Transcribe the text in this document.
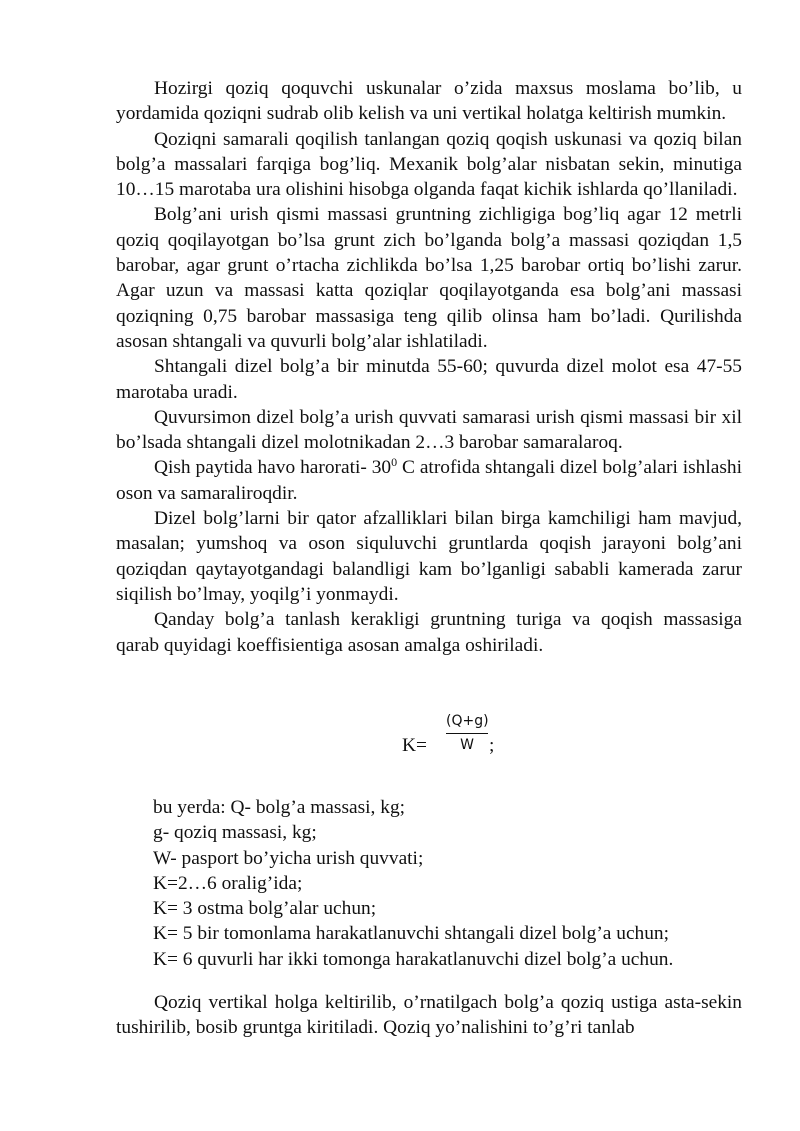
Hozirgi qoziq qoquvchi uskunalar o’zida maxsus moslama bo’lib, u yordamida qoziqni sudrab olib kelish va uni vertikal holatga keltirish mumkin.

Qoziqni samarali qoqilish tanlangan qoziq qoqish uskunasi va qoziq bilan bolg’a massalari farqiga bog’liq. Mexanik bolg’alar nisbatan sekin, minutiga 10…15 marotaba ura olishini hisobga olganda faqat kichik ishlarda qo’llaniladi.

Bolg’ani urish qismi massasi gruntning zichligiga bog’liq agar 12 metrli qoziq qoqilayotgan bo’lsa grunt zich bo’lganda bolg’a massasi qoziqdan 1,5 barobar, agar grunt o’rtacha zichlikda bo’lsa 1,25 barobar ortiq bo’lishi zarur. Agar uzun va massasi katta qoziqlar qoqilayotganda esa bolg’ani massasi qoziqning 0,75 barobar massasiga teng qilib olinsa ham bo’ladi. Qurilishda asosan shtangali va quvurli bolg’alar ishlatiladi.

Shtangali dizel bolg’a bir minutda 55-60; quvurda dizel molot esa 47-55 marotaba uradi.

Quvursimon dizel bolg’a urish quvvati samarasi urish qismi massasi bir xil bo’lsada shtangali dizel molotnikadan 2…3 barobar samaralaroq.

Qish paytida havo harorati- $30^0$ C atrofida shtangali dizel bolg’alari ishlashi oson va samaraliroqdir.

Dizel bolg’larni bir qator afzalliklari bilan birga kamchiligi ham mavjud, masalan; yumshoq va oson siquluvchi gruntlarda qoqish jarayoni bolg’ani qoziqdan qaytayotgandagi balandligi kam bo’lganligi sababli kamerada zarur siqilish bo’lmay, yoqilg’i yonmaydi.

Qanday bolg’a tanlash kerakligi gruntning turiga va qoqish massasiga qarab quyidagi koeffisientiga asosan amalga oshiriladi.

K=
(Q+g)
W ;
bu yerda: Q- bolg’a massasi, kg;
g- qoziq massasi, kg;
W- pasport bo’yicha urish quvvati;
K=2…6 oralig’ida;
K= 3 ostma bolg’alar uchun;
K= 5 bir tomonlama harakatlanuvchi shtangali dizel bolg’a uchun;
K= 6 quvurli har ikki tomonga harakatlanuvchi dizel bolg’a uchun.

Qoziq vertikal holga keltirilib, o’rnatilgach bolg’a qoziq ustiga asta-sekin tushirilib, bosib gruntga kiritiladi. Qoziq yo’nalishini to’g’ri tanlab
